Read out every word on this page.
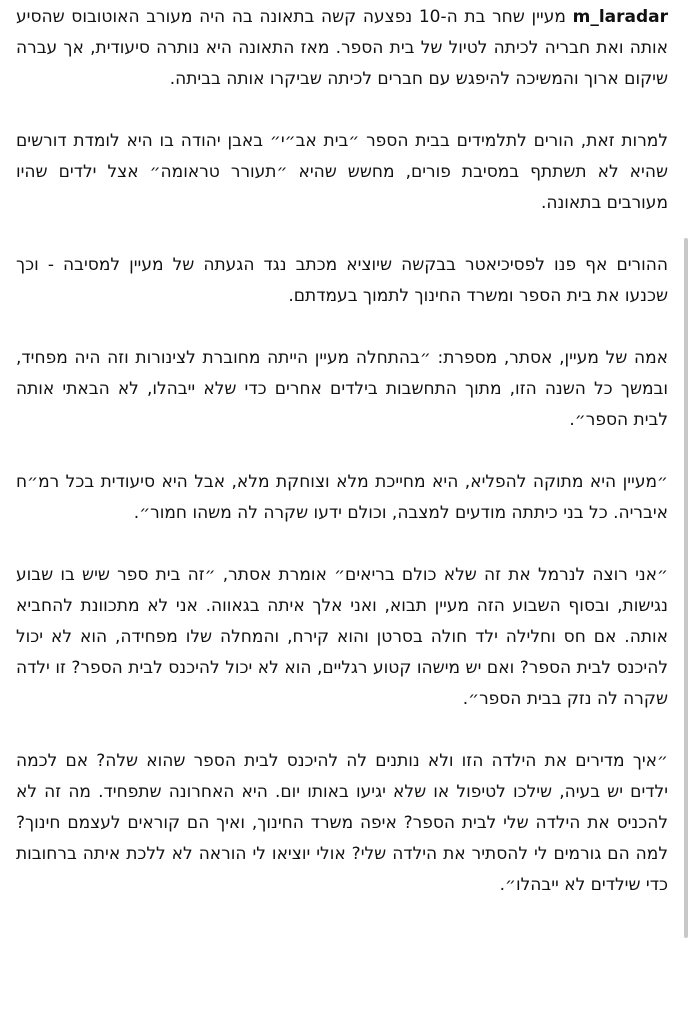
m_laradar מעיין שחר בת ה-10 נפצעה קשה בתאונה בה היה מעורב האוטובוס שהסיע אותה ואת חבריה לכיתה לטיול של בית הספר. מאז התאונה היא נותרה סיעודית, אך עברה שיקום ארוך והמשיכה להיפגש עם חברים לכיתה שביקרו אותה בביתה.

למרות זאת, הורים לתלמידים בבית הספר ״בית אב״י״ באבן יהודה בו היא לומדת דורשים שהיא לא תשתתף במסיבת פורים, מחשש שהיא ״תעורר טראומה״ אצל ילדים שהיו מעורבים בתאונה.

ההורים אף פנו לפסיכיאטר בבקשה שיוציא מכתב נגד הגעתה של מעיין למסיבה - וכך שכנעו את בית הספר ומשרד החינוך לתמוך בעמדתם.

אמה של מעיין, אסתר, מספרת: ״בהתחלה מעיין הייתה מחוברת לצינורות וזה היה מפחיד, ובמשך כל השנה הזו, מתוך התחשבות בילדים אחרים כדי שלא ייבהלו, לא הבאתי אותה לבית הספר״.

״מעיין היא מתוקה להפליא, היא מחייכת מלא וצוחקת מלא, אבל היא סיעודית בכל רמ״ח איבריה. כל בני כיתתה מודעים למצבה, וכולם ידעו שקרה לה משהו חמור״.

״אני רוצה לנרמל את זה שלא כולם בריאים״ אומרת אסתר, ״זה בית ספר שיש בו שבוע נגישות, ובסוף השבוע הזה מעיין תבוא, ואני אלך איתה בגאווה. אני לא מתכוונת להחביא אותה. אם חס וחלילה ילד חולה בסרטן והוא קירח, והמחלה שלו מפחידה, הוא לא יכול להיכנס לבית הספר? ואם יש מישהו קטוע רגליים, הוא לא יכול להיכנס לבית הספר? זו ילדה שקרה לה נזק בבית הספר״.

״איך מדירים את הילדה הזו ולא נותנים לה להיכנס לבית הספר שהוא שלה? אם לכמה ילדים יש בעיה, שילכו לטיפול או שלא יגיעו באותו יום. היא האחרונה שתפחיד. מה זה לא להכניס את הילדה שלי לבית הספר? איפה משרד החינוך, ואיך הם קוראים לעצמם חינוך? למה הם גורמים לי להסתיר את הילדה שלי? אולי יוציאו לי הוראה לא ללכת איתה ברחובות כדי שילדים לא ייבהלו״.
